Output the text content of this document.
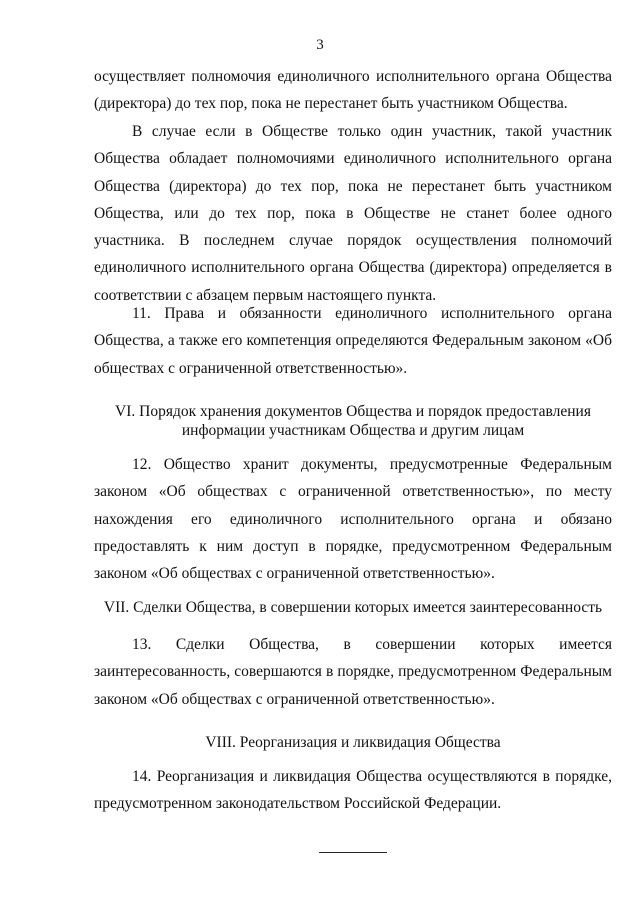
3
осуществляет полномочия единоличного исполнительного органа Общества (директора) до тех пор, пока не перестанет быть участником Общества.
В случае если в Обществе только один участник, такой участник Общества обладает полномочиями единоличного исполнительного органа Общества (директора) до тех пор, пока не перестанет быть участником Общества, или до тех пор, пока в Обществе не станет более одного участника. В последнем случае порядок осуществления полномочий единоличного исполнительного органа Общества (директора) определяется в соответствии с абзацем первым настоящего пункта.
11. Права и обязанности единоличного исполнительного органа Общества, а также его компетенция определяются Федеральным законом «Об обществах с ограниченной ответственностью».
VI. Порядок хранения документов Общества и порядок предоставления
информации участникам Общества и другим лицам
12. Общество хранит документы, предусмотренные Федеральным законом «Об обществах с ограниченной ответственностью», по месту нахождения его единоличного исполнительного органа и обязано предоставлять к ним доступ в порядке, предусмотренном Федеральным законом «Об обществах с ограниченной ответственностью».
VII. Сделки Общества, в совершении которых имеется заинтересованность
13. Сделки Общества, в совершении которых имеется заинтересованность, совершаются в порядке, предусмотренном Федеральным законом «Об обществах с ограниченной ответственностью».
VIII. Реорганизация и ликвидация Общества
14. Реорганизация и ликвидация Общества осуществляются в порядке, предусмотренном законодательством Российской Федерации.
